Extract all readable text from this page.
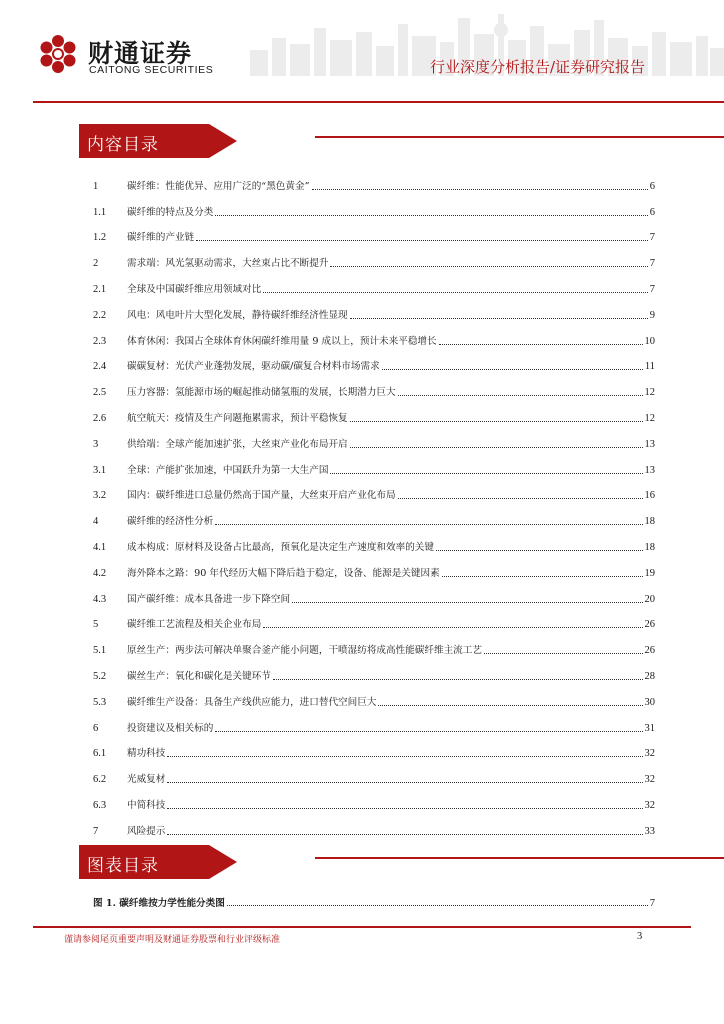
财通证券
CAITONG SECURITIES	行业深度分析报告/证券研究报告
内容目录
1	碳纤维：性能优异、应用广泛的“黑色黄金”	6
1.1	碳纤维的特点及分类	6
1.2	碳纤维的产业链	7
2	需求端：风光氢驱动需求，大丝束占比不断提升	7
2.1	全球及中国碳纤维应用领域对比	7
2.2	风电：风电叶片大型化发展，静待碳纤维经济性显现	9
2.3	体育休闲：我国占全球体育休闲碳纤维用量 9 成以上，预计未来平稳增长	10
2.4	碳碳复材：光伏产业蓬勃发展，驱动碳/碳复合材料市场需求	11
2.5	压力容器：氢能源市场的崛起推动储氢瓶的发展，长期潜力巨大	12
2.6	航空航天：疫情及生产问题拖累需求，预计平稳恢复	12
3	供给端：全球产能加速扩张，大丝束产业化布局开启	13
3.1	全球：产能扩张加速，中国跃升为第一大生产国	13
3.2	国内：碳纤维进口总量仍然高于国产量，大丝束开启产业化布局	16
4	碳纤维的经济性分析	18
4.1	成本构成：原材料及设备占比最高，预氧化是决定生产速度和效率的关键	18
4.2	海外降本之路：90 年代经历大幅下降后趋于稳定，设备、能源是关键因素	19
4.3	国产碳纤维：成本具备进一步下降空间	20
5	碳纤维工艺流程及相关企业布局	26
5.1	原丝生产：两步法可解决单聚合釜产能小问题，干喷湿纺将成高性能碳纤维主流工艺	26
5.2	碳丝生产：氧化和碳化是关键环节	28
5.3	碳纤维生产设备：具备生产线供应能力，进口替代空间巨大	30
6	投资建议及相关标的	31
6.1	精功科技	32
6.2	光威复材	32
6.3	中简科技	32
7	风险提示	33
图表目录
图 1. 碳纤维按力学性能分类图	7
谨请参阅尾页重要声明及财通证券股票和行业评级标准	3
